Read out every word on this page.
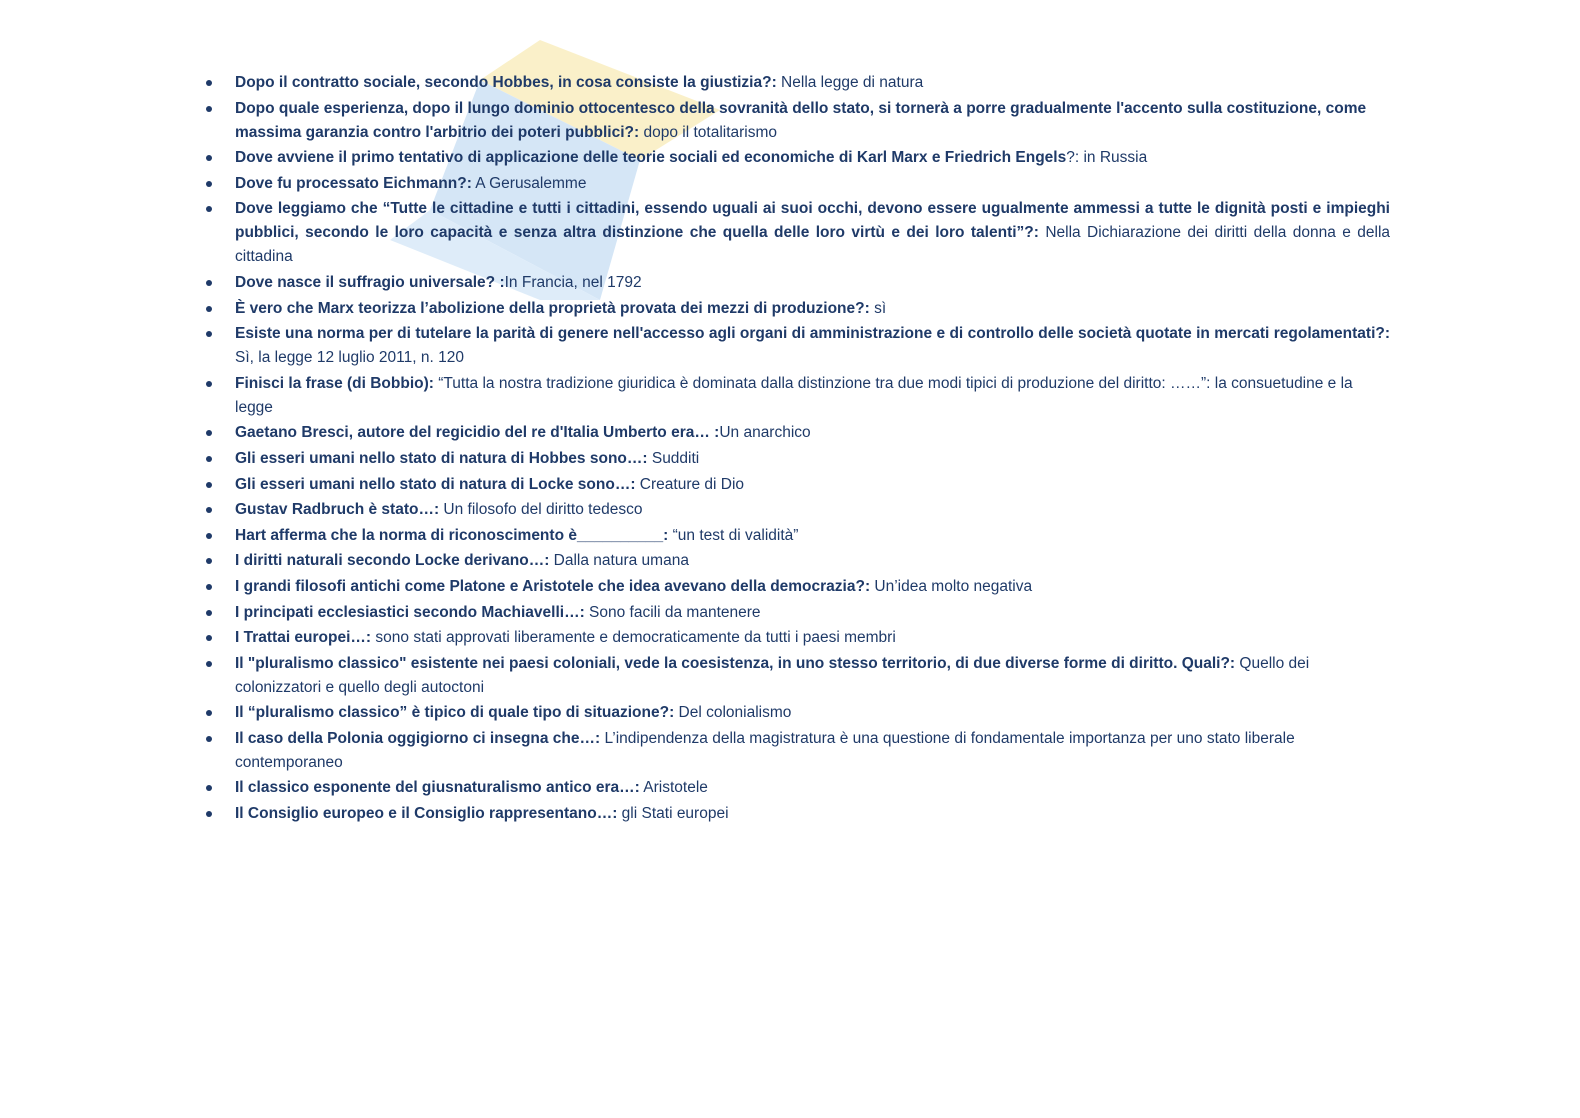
Dopo il contratto sociale, secondo Hobbes, in cosa consiste la giustizia?: Nella legge di natura
Dopo quale esperienza, dopo il lungo dominio ottocentesco della sovranità dello stato, si tornerà a porre gradualmente l'accento sulla costituzione, come massima garanzia contro l'arbitrio dei poteri pubblici?: dopo il totalitarismo
Dove avviene il primo tentativo di applicazione delle teorie sociali ed economiche di Karl Marx e Friedrich Engels?: in Russia
Dove fu processato Eichmann?: A Gerusalemme
Dove leggiamo che “Tutte le cittadine e tutti i cittadini, essendo uguali ai suoi occhi, devono essere ugualmente ammessi a tutte le dignità posti e impieghi pubblici, secondo le loro capacità e senza altra distinzione che quella delle loro virtù e dei loro talenti”?: Nella Dichiarazione dei diritti della donna e della cittadina
Dove nasce il suffragio universale? :In Francia, nel 1792
È vero che Marx teorizza l’abolizione della proprietà provata dei mezzi di produzione?: sì
Esiste una norma per di tutelare la parità di genere nell'accesso agli organi di amministrazione e di controllo delle società quotate in mercati regolamentati?: Sì, la legge 12 luglio 2011, n. 120
Finisci la frase (di Bobbio): “Tutta la nostra tradizione giuridica è dominata dalla distinzione tra due modi tipici di produzione del diritto: ……”: la consuetudine e la legge
Gaetano Bresci, autore del regicidio del re d'Italia Umberto era… :Un anarchico
Gli esseri umani nello stato di natura di Hobbes sono…: Sudditi
Gli esseri umani nello stato di natura di Locke sono…: Creature di Dio
Gustav Radbruch è stato…: Un filosofo del diritto tedesco
Hart afferma che la norma di riconoscimento è__________: “un test di validità”
I diritti naturali secondo Locke derivano…: Dalla natura umana
I grandi filosofi antichi come Platone e Aristotele che idea avevano della democrazia?: Un’idea molto negativa
I principati ecclesiastici secondo Machiavelli…: Sono facili da mantenere
I Trattai europei…: sono stati approvati liberamente e democraticamente da tutti i paesi membri
Il "pluralismo classico" esistente nei paesi coloniali, vede la coesistenza, in uno stesso territorio, di due diverse forme di diritto. Quali?: Quello dei colonizzatori e quello degli autoctoni
Il “pluralismo classico” è tipico di quale tipo di situazione?: Del colonialismo
Il caso della Polonia oggigiorno ci insegna che…: L’indipendenza della magistratura è una questione di fondamentale importanza per uno stato liberale contemporaneo
Il classico esponente del giusnaturalismo antico era…: Aristotele
Il Consiglio europeo e il Consiglio rappresentano…: gli Stati europei
